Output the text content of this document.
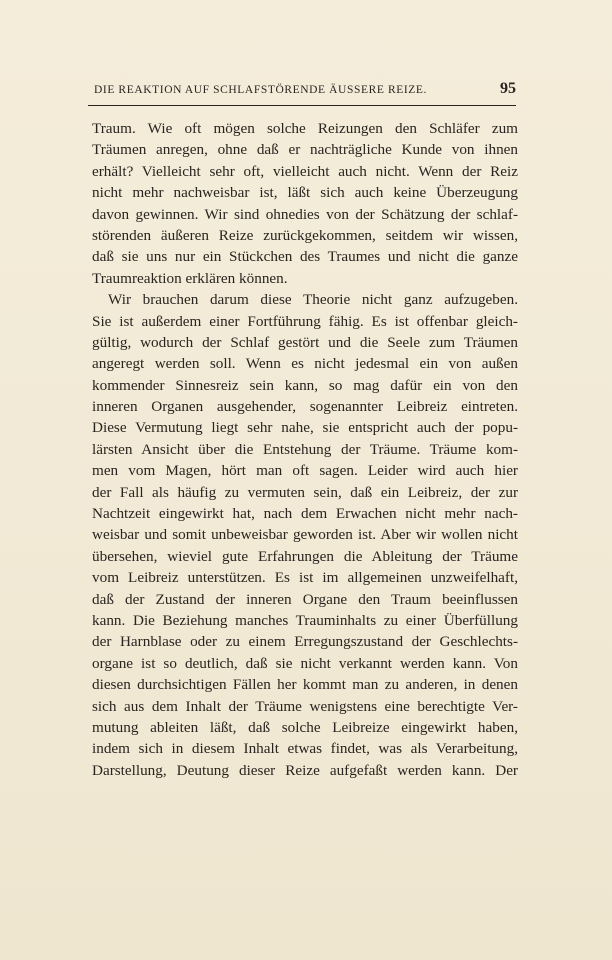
DIE REAKTION AUF SCHLAFSTÖRENDE ÄUSSERE REIZE.	95
Traum. Wie oft mögen solche Reizungen den Schläfer zum
Träumen anregen, ohne daß er nachträgliche Kunde von ihnen
erhält? Vielleicht sehr oft, vielleicht auch nicht. Wenn der Reiz
nicht mehr nachweisbar ist, läßt sich auch keine Überzeugung
davon gewinnen. Wir sind ohnedies von der Schätzung der schlaf-
störenden äußeren Reize zurückgekommen, seitdem wir wissen,
daß sie uns nur ein Stückchen des Traumes und nicht die ganze
Traumreaktion erklären können.
Wir brauchen darum diese Theorie nicht ganz aufzugeben.
Sie ist außerdem einer Fortführung fähig. Es ist offenbar gleich-
gültig, wodurch der Schlaf gestört und die Seele zum Träumen
angeregt werden soll. Wenn es nicht jedesmal ein von außen
kommender Sinnesreiz sein kann, so mag dafür ein von den
inneren Organen ausgehender, sogenannter Leibreiz eintreten.
Diese Vermutung liegt sehr nahe, sie entspricht auch der popu-
lärsten Ansicht über die Entstehung der Träume. Träume kom-
men vom Magen, hört man oft sagen. Leider wird auch hier
der Fall als häufig zu vermuten sein, daß ein Leibreiz, der zur
Nachtzeit eingewirkt hat, nach dem Erwachen nicht mehr nach-
weisbar und somit unbeweisbar geworden ist. Aber wir wollen nicht
übersehen, wieviel gute Erfahrungen die Ableitung der Träume
vom Leibreiz unterstützen. Es ist im allgemeinen unzweifelhaft,
daß der Zustand der inneren Organe den Traum beeinflussen
kann. Die Beziehung manches Trauminhalts zu einer Überfüllung
der Harnblase oder zu einem Erregungszustand der Geschlechts-
organe ist so deutlich, daß sie nicht verkannt werden kann. Von
diesen durchsichtigen Fällen her kommt man zu anderen, in denen
sich aus dem Inhalt der Träume wenigstens eine berechtigte Ver-
mutung ableiten läßt, daß solche Leibreize eingewirkt haben,
indem sich in diesem Inhalt etwas findet, was als Verarbeitung,
Darstellung, Deutung dieser Reize aufgefaßt werden kann. Der
